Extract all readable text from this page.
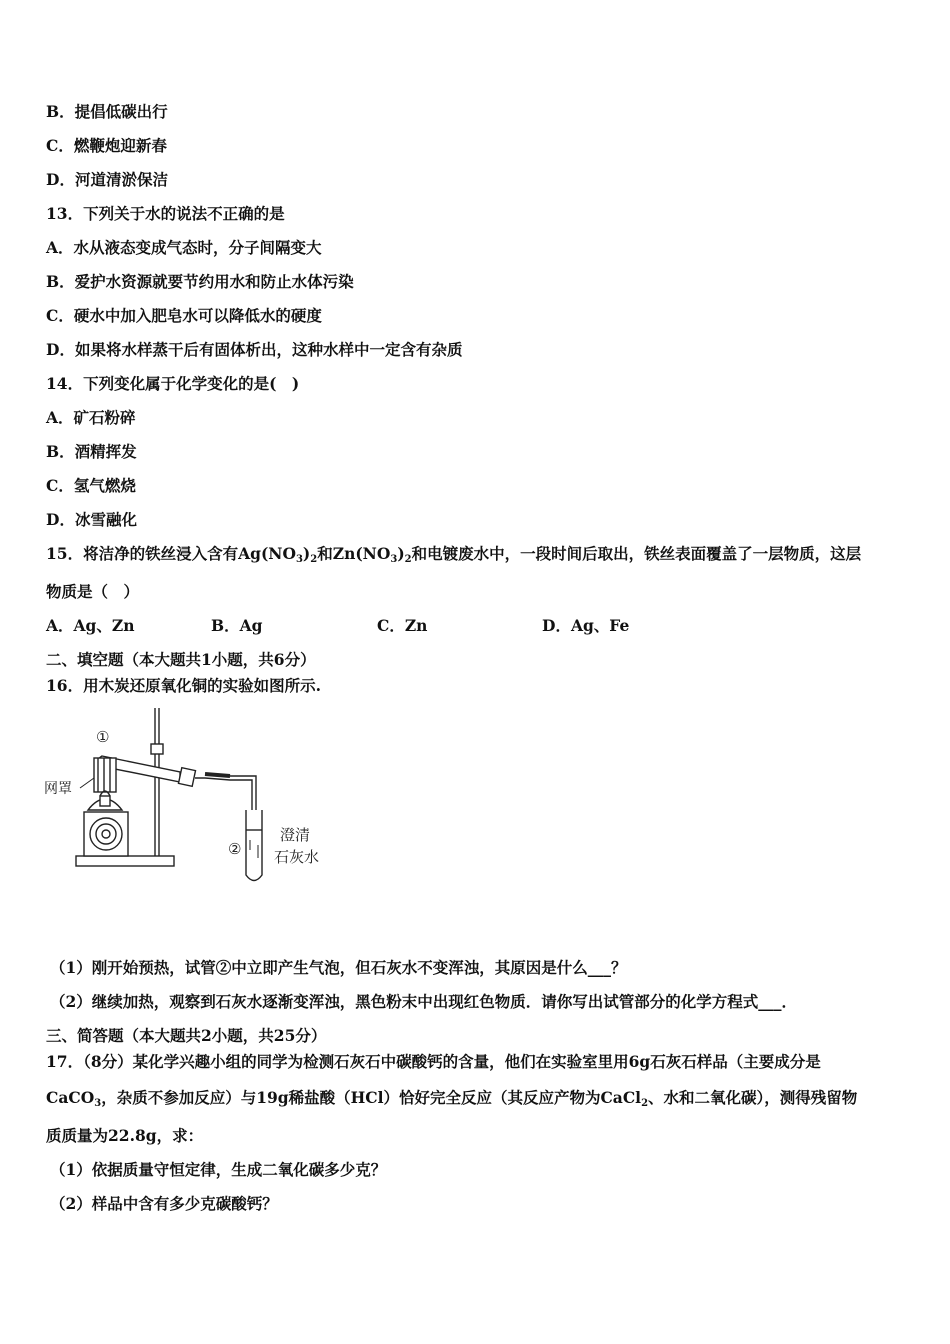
B．提倡低碳出行
C．燃鞭炮迎新春
D．河道清淤保洁
13．下列关于水的说法不正确的是
A．水从液态变成气态时，分子间隔变大
B．爱护水资源就要节约用水和防止水体污染
C．硬水中加入肥皂水可以降低水的硬度
D．如果将水样蒸干后有固体析出，这种水样中一定含有杂质
14．下列变化属于化学变化的是(　)
A．矿石粉碎
B．酒精挥发
C．氢气燃烧
D．冰雪融化
15．将洁净的铁丝浸入含有$Ag(NO_3)_2$和$Zn(NO_3)_2$和电镀废水中，一段时间后取出，铁丝表面覆盖了一层物质，这层
物质是（　）
A．Ag、Zn	B．Ag	C．Zn	D．Ag、Fe
二、填空题（本大题共1小题，共6分）
16．用木炭还原氧化铜的实验如图所示.
①
②
网罩
澄清
石灰水
（1）刚开始预热，试管②中立即产生气泡，但石灰水不变浑浊，其原因是什么___？
（2）继续加热，观察到石灰水逐渐变浑浊，黑色粉末中出现红色物质．请你写出试管部分的化学方程式___．
三、简答题（本大题共2小题，共25分）
17．（8分）某化学兴趣小组的同学为检测石灰石中碳酸钙的含量，他们在实验室里用6g石灰石样品（主要成分是
CaCO$_3$，杂质不参加反应）与19g稀盐酸（HCl）恰好完全反应（其反应产物为CaCl$_2$、水和二氧化碳），测得残留物
质质量为22.8g，求：
（1）依据质量守恒定律，生成二氧化碳多少克？
（2）样品中含有多少克碳酸钙？
